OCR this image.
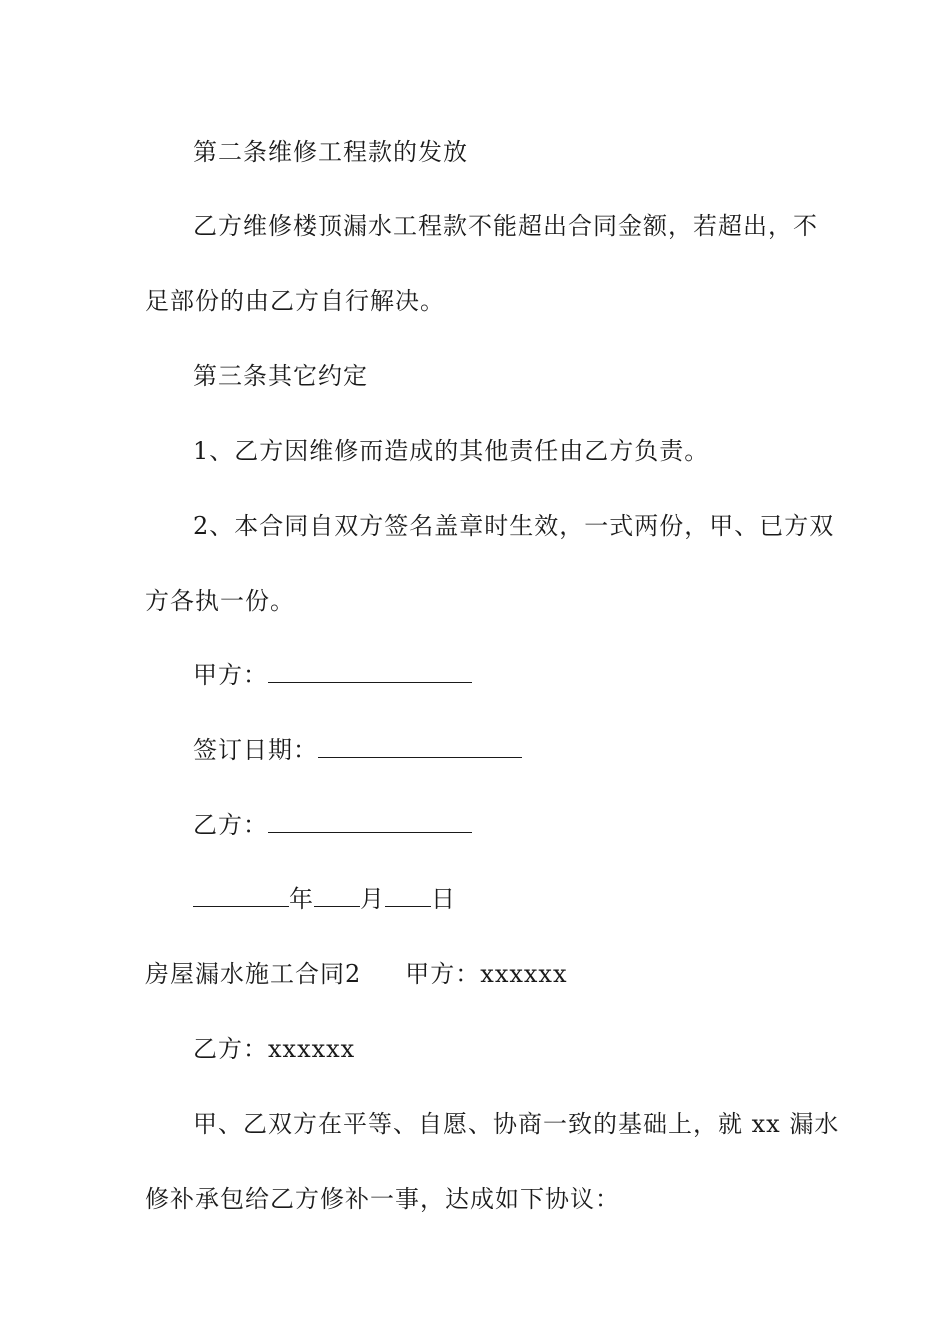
第二条维修工程款的发放
乙方维修楼顶漏水工程款不能超出合同金额，若超出，不
足部份的由乙方自行解决。
第三条其它约定
1、乙方因维修而造成的其他责任由乙方负责。
2、本合同自双方签名盖章时生效，一式两份，甲、已方双
方各执一份。
甲方：
签订日期：
乙方：
年 月 日
房屋漏水施工合同2 甲方：xxxxxx
乙方：xxxxxx
甲、乙双方在平等、自愿、协商一致的基础上，就 xx 漏水
修补承包给乙方修补一事，达成如下协议：
